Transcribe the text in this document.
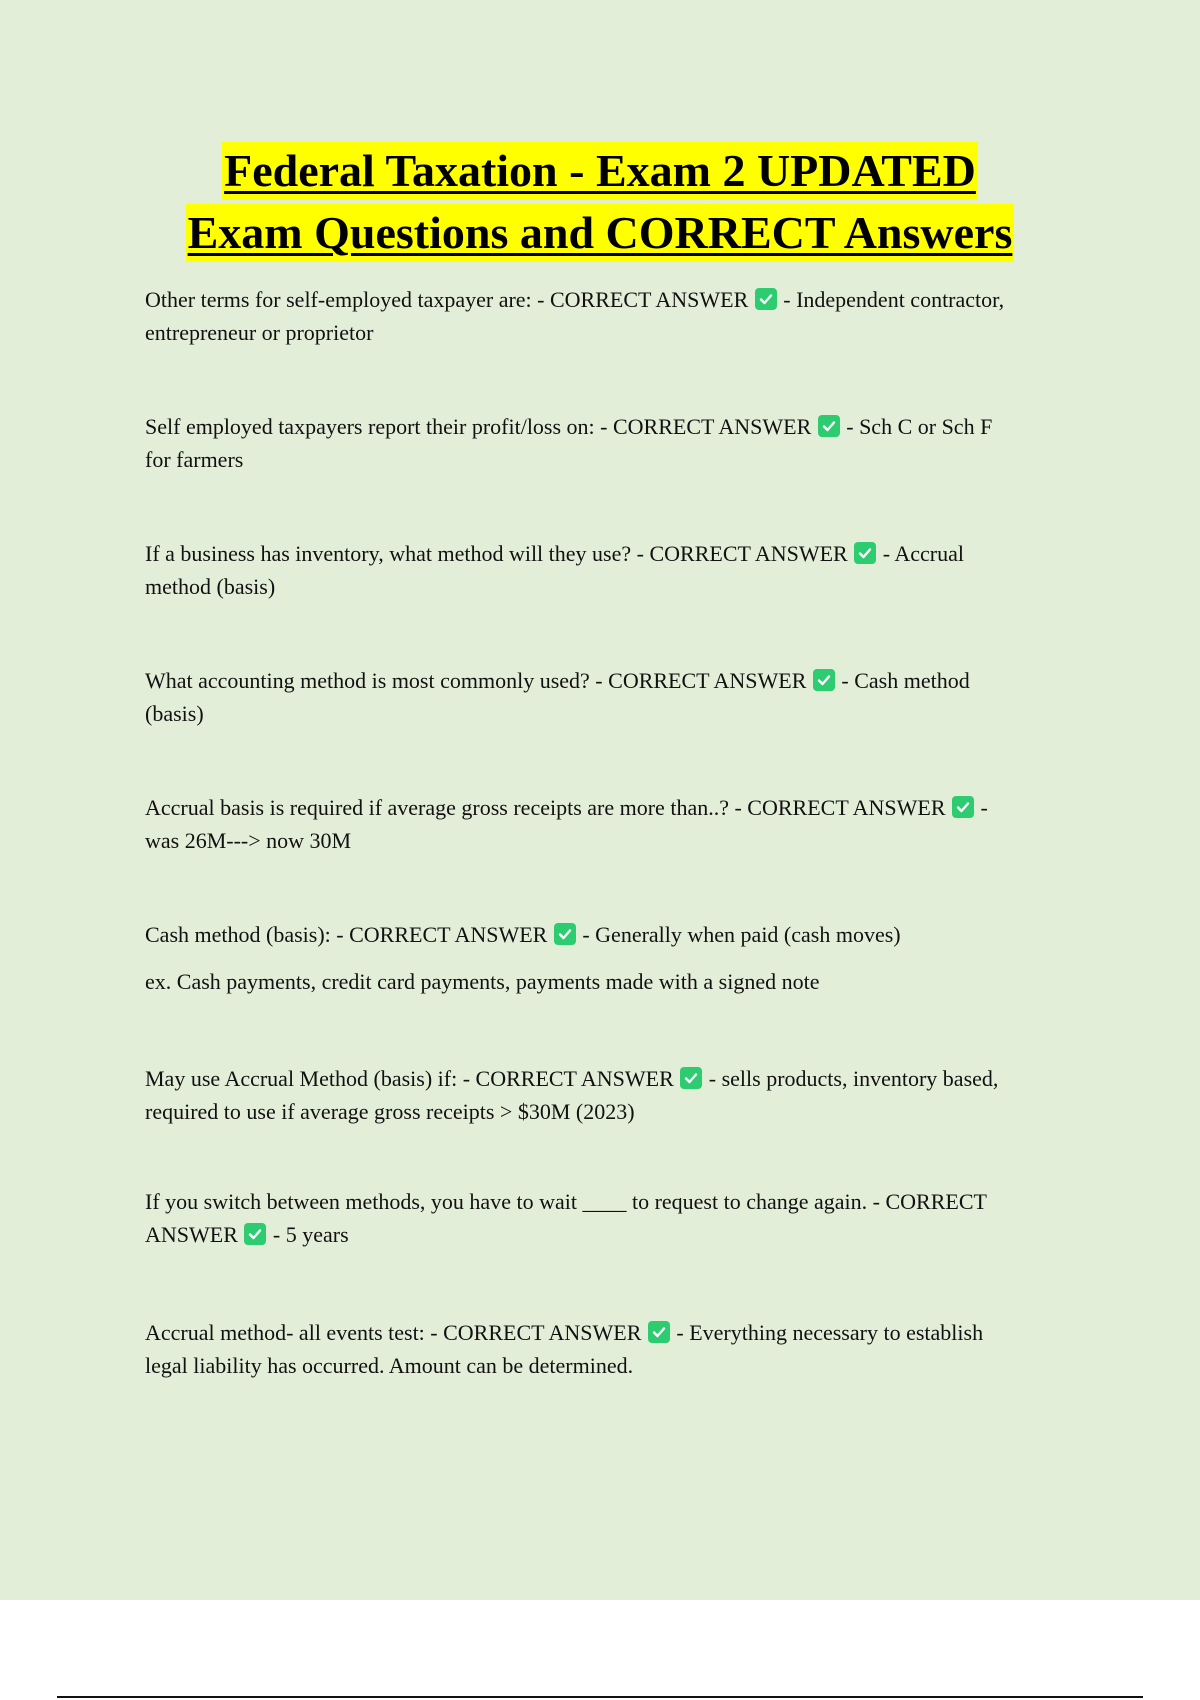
Federal Taxation - Exam 2 UPDATED
Exam Questions and CORRECT Answers

Other terms for self-employed taxpayer are: - CORRECT ANSWER
- Independent contractor,

entrepreneur or proprietor

Self employed taxpayers report their profit/loss on: - CORRECT ANSWER
- Sch C or Sch F

for farmers

If a business has inventory, what method will they use? - CORRECT ANSWER
- Accrual

method (basis)

What accounting method is most commonly used? - CORRECT ANSWER
- Cash method

(basis)

Accrual basis is required if average gross receipts are more than..? - CORRECT ANSWER
-

was 26M---> now 30M

Cash method (basis): - CORRECT ANSWER
- Generally when paid (cash moves)

ex. Cash payments, credit card payments, payments made with a signed note

May use Accrual Method (basis) if: - CORRECT ANSWER
- sells products, inventory based,

required to use if average gross receipts > $30M (2023)

If you switch between methods, you have to wait ____ to request to change again. - CORRECT

ANSWER
- 5 years

Accrual method- all events test: - CORRECT ANSWER
- Everything necessary to establish

legal liability has occurred. Amount can be determined.
